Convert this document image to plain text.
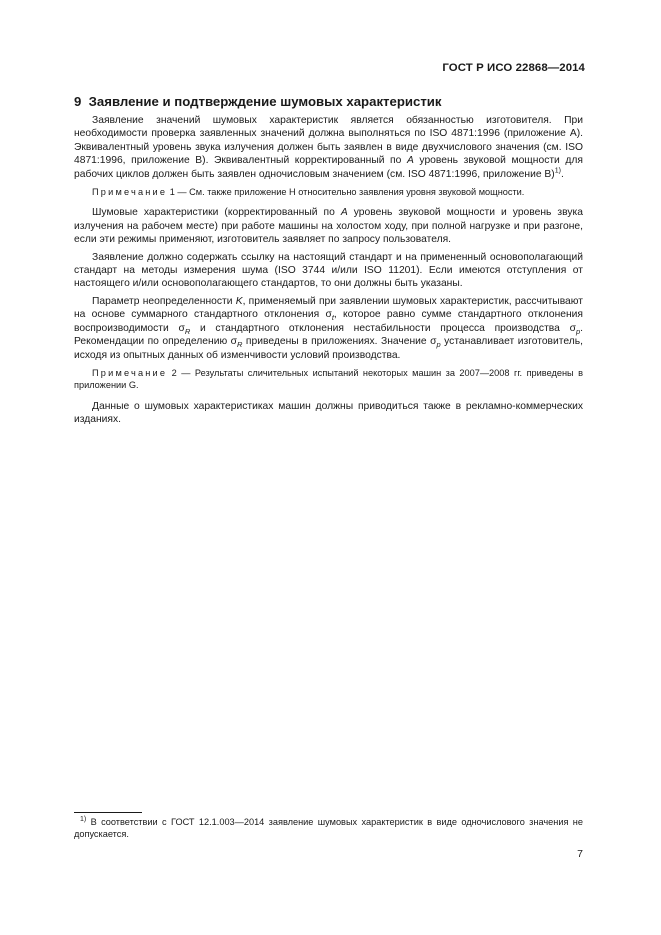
ГОСТ Р ИСО 22868—2014
9 Заявление и подтверждение шумовых характеристик

Заявление значений шумовых характеристик является обязанностью изготовителя. При необходимости проверка заявленных значений должна выполняться по ISO 4871:1996 (приложение А). Эквивалентный уровень звука излучения должен быть заявлен в виде двухчислового значения (см. ISO 4871:1996, приложение В). Эквивалентный корректированный по А уровень звуковой мощности для рабочих циклов должен быть заявлен одночисловым значением (см. ISO 4871:1996, приложение В)$^{1)}$.

Примечание 1 — См. также приложение Н относительно заявления уровня звуковой мощности.

Шумовые характеристики (корректированный по А уровень звуковой мощности и уровень звука излучения на рабочем месте) при работе машины на холостом ходу, при полной нагрузке и при разгоне, если эти режимы применяют, изготовитель заявляет по запросу пользователя.

Заявление должно содержать ссылку на настоящий стандарт и на примененный основополагающий стандарт на методы измерения шума (ISO 3744 и/или ISO 11201). Если имеются отступления от настоящего и/или основополагающего стандартов, то они должны быть указаны.

Параметр неопределенности K, применяемый при заявлении шумовых характеристик, рассчитывают на основе суммарного стандартного отклонения $\sigma_t$, которое равно сумме стандартного отклонения воспроизводимости $\sigma_R$ и стандартного отклонения нестабильности процесса производства $\sigma_p$. Рекомендации по определению $\sigma_R$ приведены в приложениях. Значение $\sigma_p$ устанавливает изготовитель, исходя из опытных данных об изменчивости условий производства.

Примечание 2 — Результаты сличительных испытаний некоторых машин за 2007—2008 гг. приведены в приложении G.

Данные о шумовых характеристиках машин должны приводиться также в рекламно-коммерческих изданиях.

$^{1)}$ В соответствии с ГОСТ 12.1.003—2014 заявление шумовых характеристик в виде одночислового значения не допускается.

7
